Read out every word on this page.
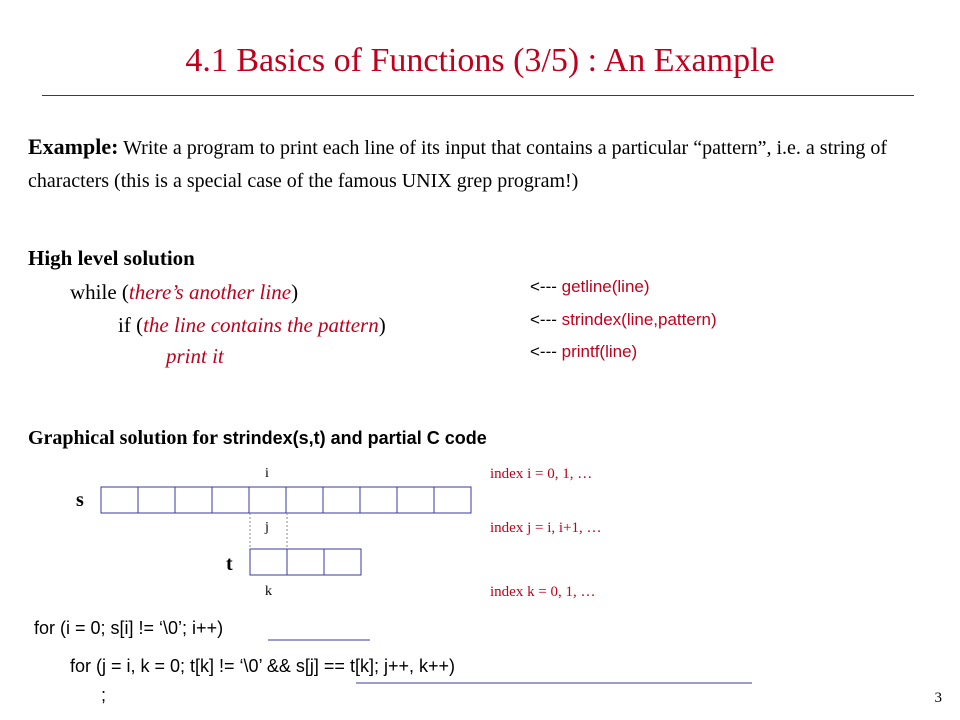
4.1 Basics of Functions (3/5) : An Example
Example: Write a program to print each line of its input that contains a particular “pattern”, i.e. a string of characters (this is a special case of the famous UNIX grep program!)
High level solution
while (there’s another line)
if (the line contains the pattern)
print it
<--- getline(line)
<--- strindex(line,pattern)
<--- printf(line)
Graphical solution for strindex(s,t) and partial C code
s
t
i
j
k
index i = 0, 1, …
index j = i, i+1, …
index k = 0, 1, …
for (i = 0; s[i] != ‘\0’; i++)
for (j = i, k = 0; t[k] != ‘\0’ && s[j] == t[k]; j++, k++)
;	3
